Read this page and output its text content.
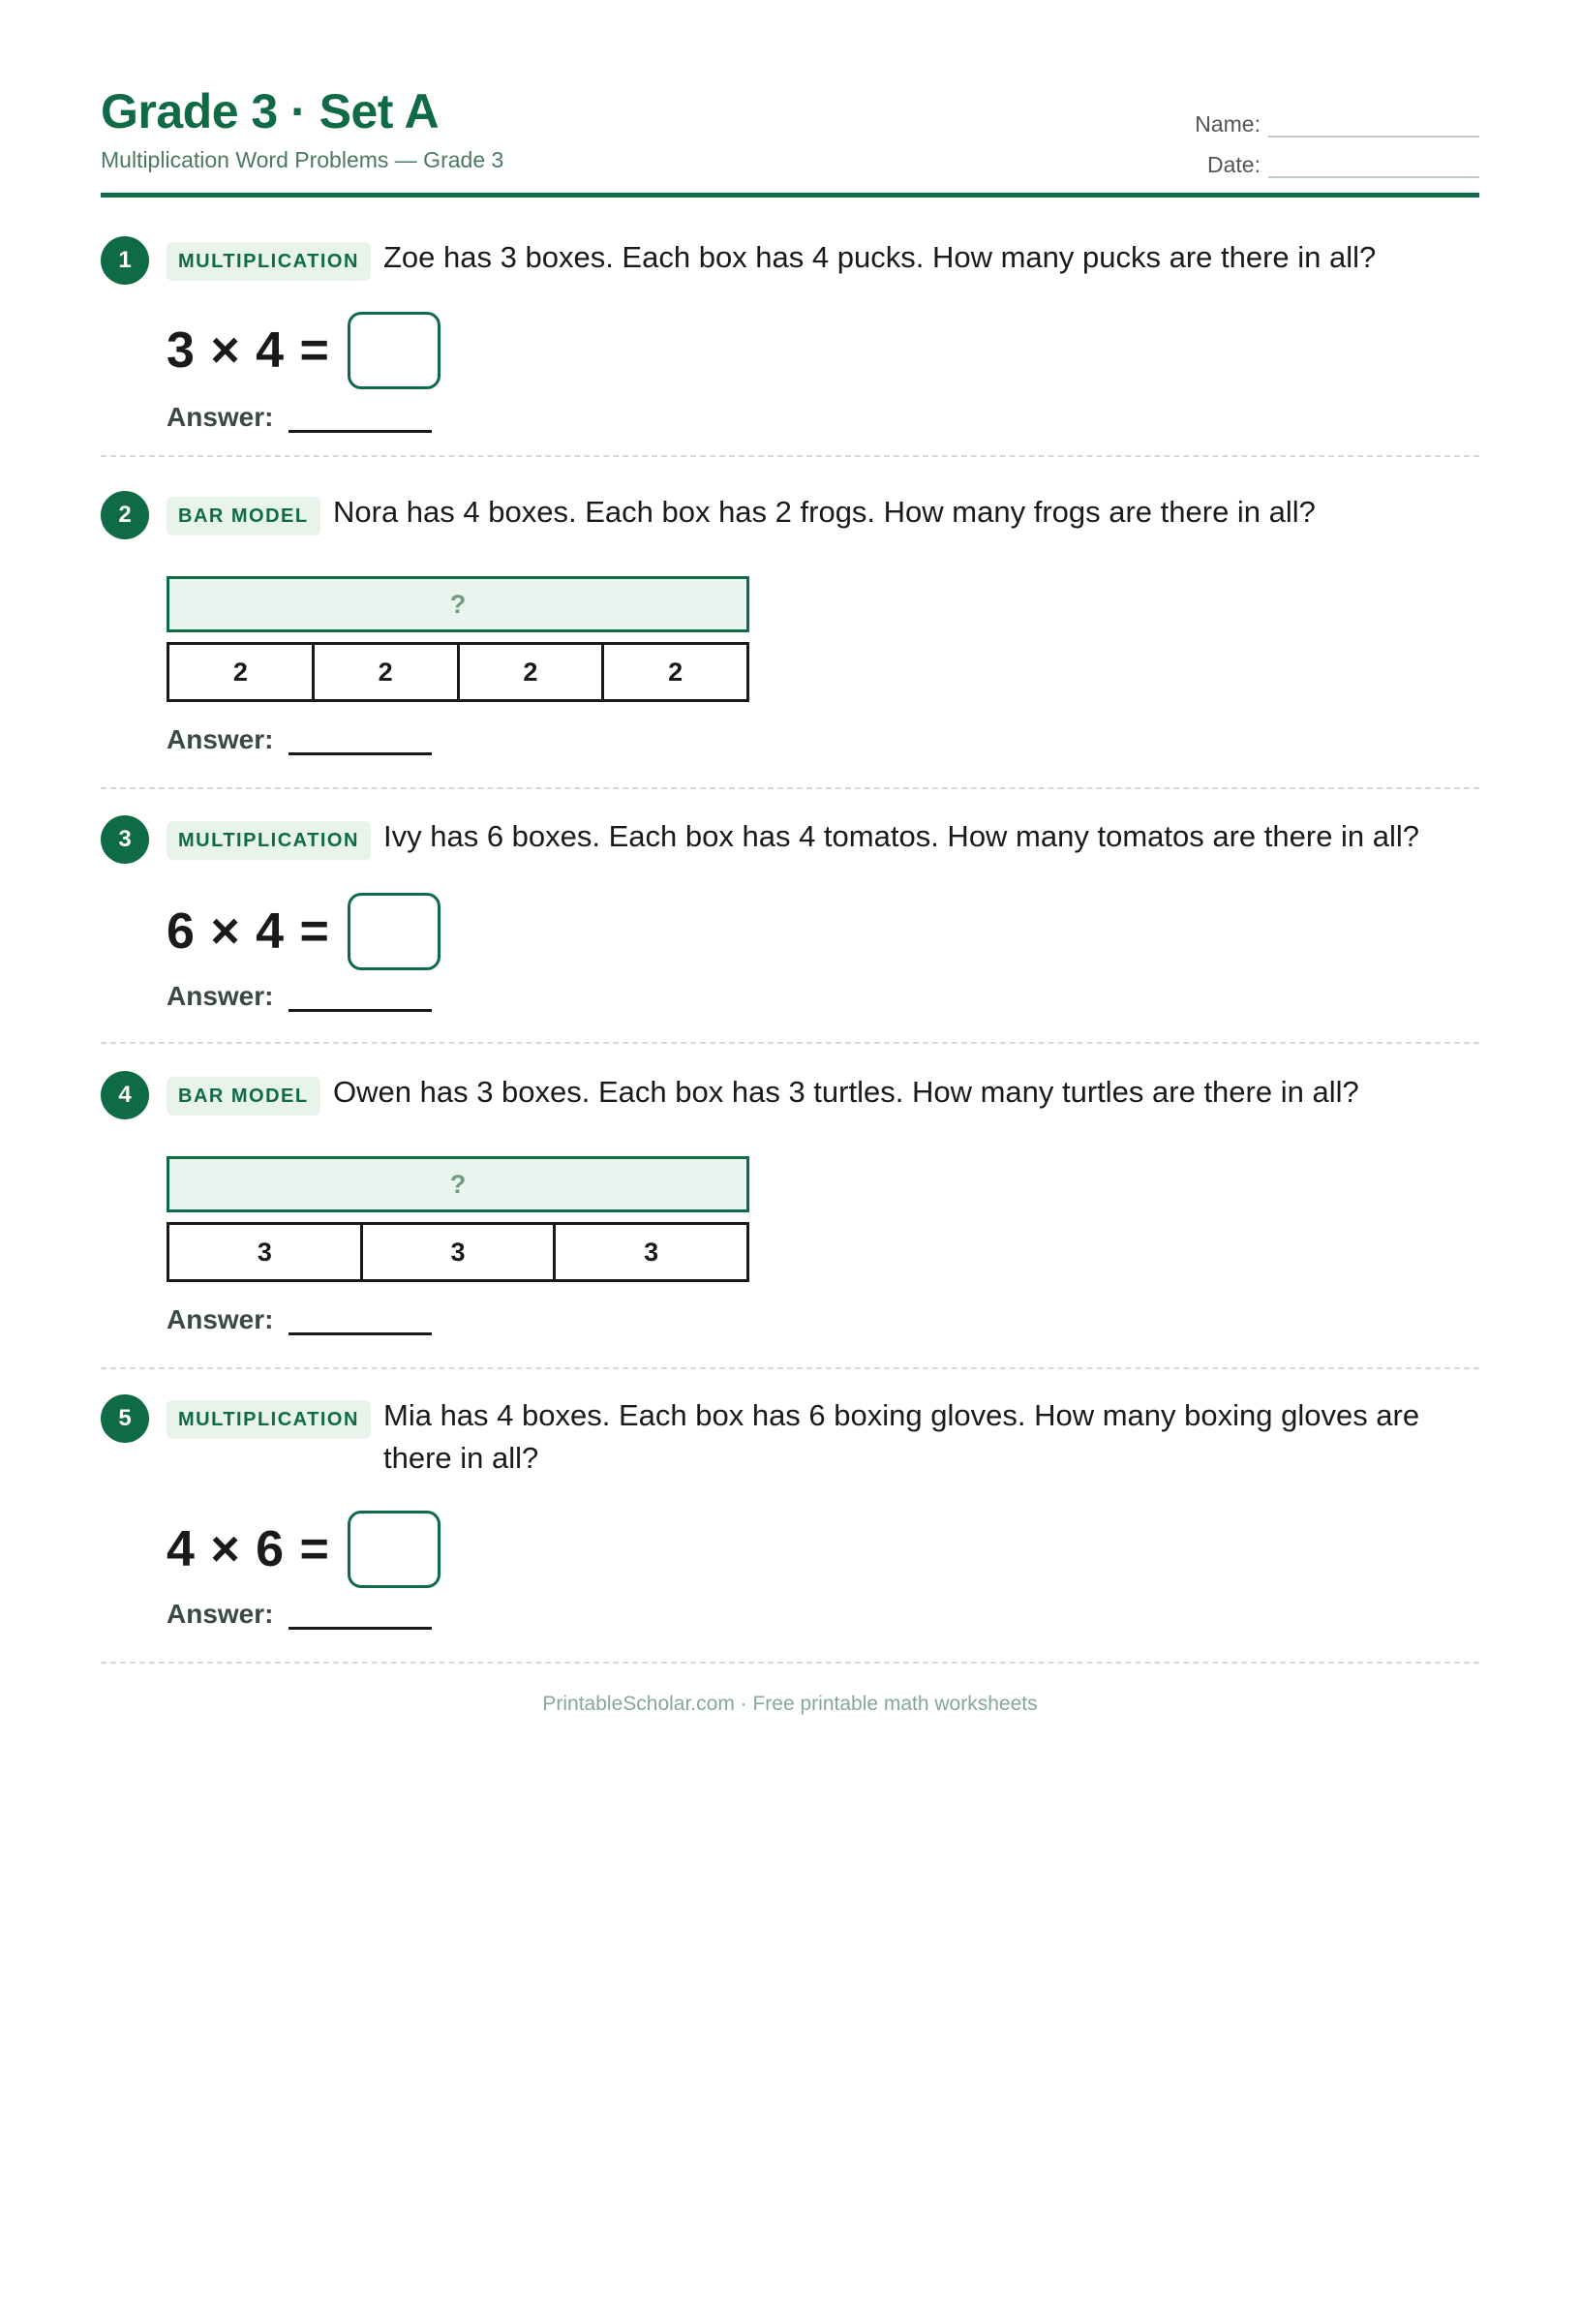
Grade 3 · Set A
Multiplication Word Problems — Grade 3
Name:
Date:
1	MULTIPLICATION Zoe has 3 boxes. Each box has 4 pucks. How many pucks are there in all?
3 × 4 =
Answer:
2	BAR MODEL Nora has 4 boxes. Each box has 2 frogs. How many frogs are there in all?
?
2	2	2	2
Answer:
3	MULTIPLICATION Ivy has 6 boxes. Each box has 4 tomatos. How many tomatos are there in all?
6 × 4 =
Answer:
4	BAR MODEL Owen has 3 boxes. Each box has 3 turtles. How many turtles are there in all?
?
3	3	3
Answer:
5	MULTIPLICATION Mia has 4 boxes. Each box has 6 boxing gloves. How many boxing gloves are there in all?
4 × 6 =
Answer:
PrintableScholar.com · Free printable math worksheets
